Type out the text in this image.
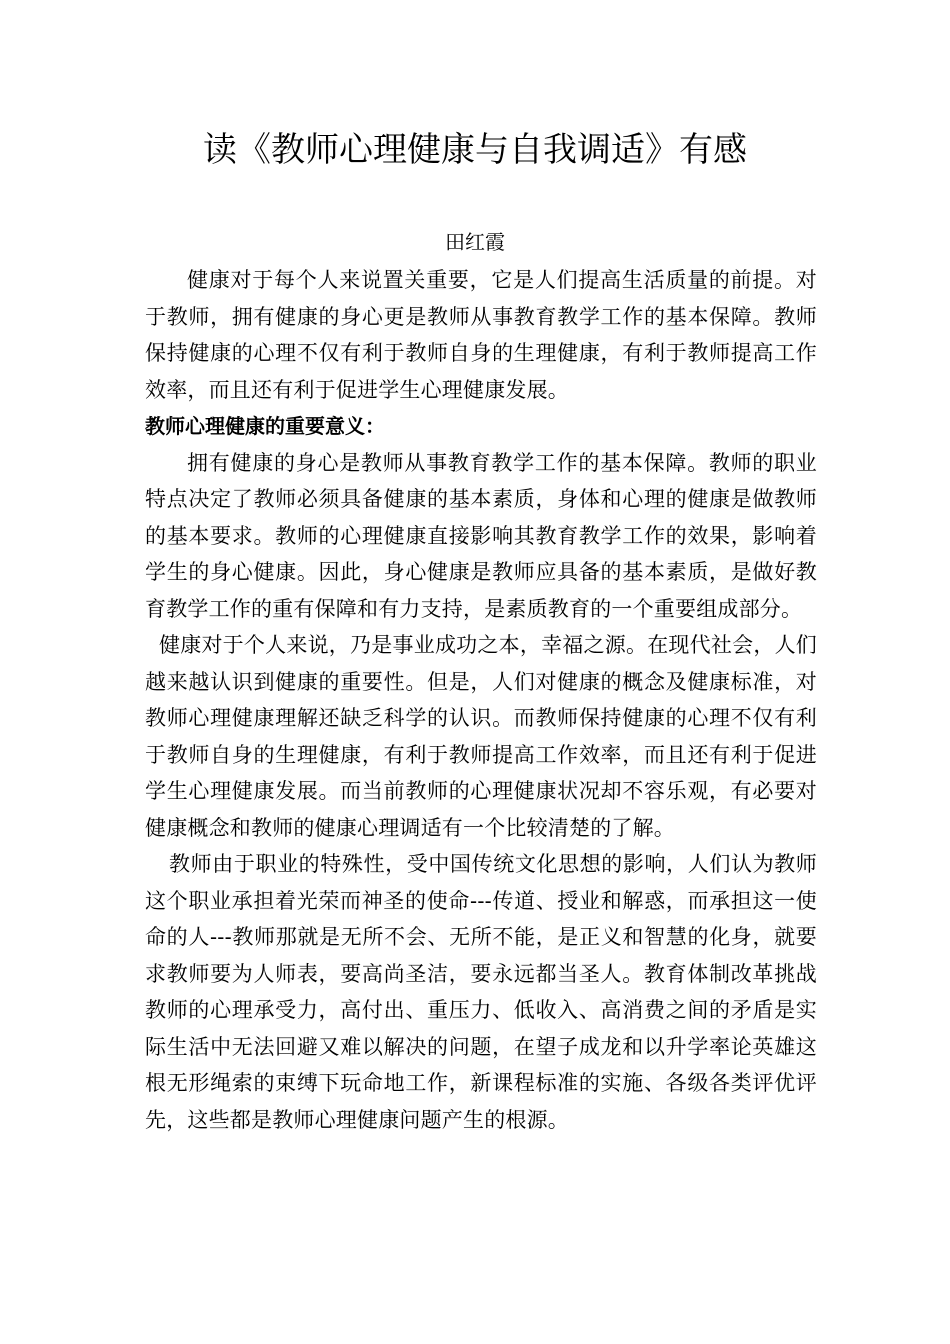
读《教师心理健康与自我调适》有感

田红霞

健康对于每个人来说置关重要，它是人们提高生活质量的前提。对于教师，拥有健康的身心更是教师从事教育教学工作的基本保障。教师保持健康的心理不仅有利于教师自身的生理健康，有利于教师提高工作效率，而且还有利于促进学生心理健康发展。

教师心理健康的重要意义：

拥有健康的身心是教师从事教育教学工作的基本保障。教师的职业特点决定了教师必须具备健康的基本素质，身体和心理的健康是做教师的基本要求。教师的心理健康直接影响其教育教学工作的效果，影响着学生的身心健康。因此，身心健康是教师应具备的基本素质，是做好教育教学工作的重有保障和有力支持，是素质教育的一个重要组成部分。

健康对于个人来说，乃是事业成功之本，幸福之源。在现代社会，人们越来越认识到健康的重要性。但是，人们对健康的概念及健康标准，对教师心理健康理解还缺乏科学的认识。而教师保持健康的心理不仅有利于教师自身的生理健康，有利于教师提高工作效率，而且还有利于促进学生心理健康发展。而当前教师的心理健康状况却不容乐观，有必要对健康概念和教师的健康心理调适有一个比较清楚的了解。

教师由于职业的特殊性，受中国传统文化思想的影响，人们认为教师这个职业承担着光荣而神圣的使命---传道、授业和解惑，而承担这一使命的人---教师那就是无所不会、无所不能，是正义和智慧的化身，就要求教师要为人师表，要高尚圣洁，要永远都当圣人。教育体制改革挑战教师的心理承受力，高付出、重压力、低收入、高消费之间的矛盾是实际生活中无法回避又难以解决的问题，在望子成龙和以升学率论英雄这根无形绳索的束缚下玩命地工作，新课程标准的实施、各级各类评优评先，这些都是教师心理健康问题产生的根源。
